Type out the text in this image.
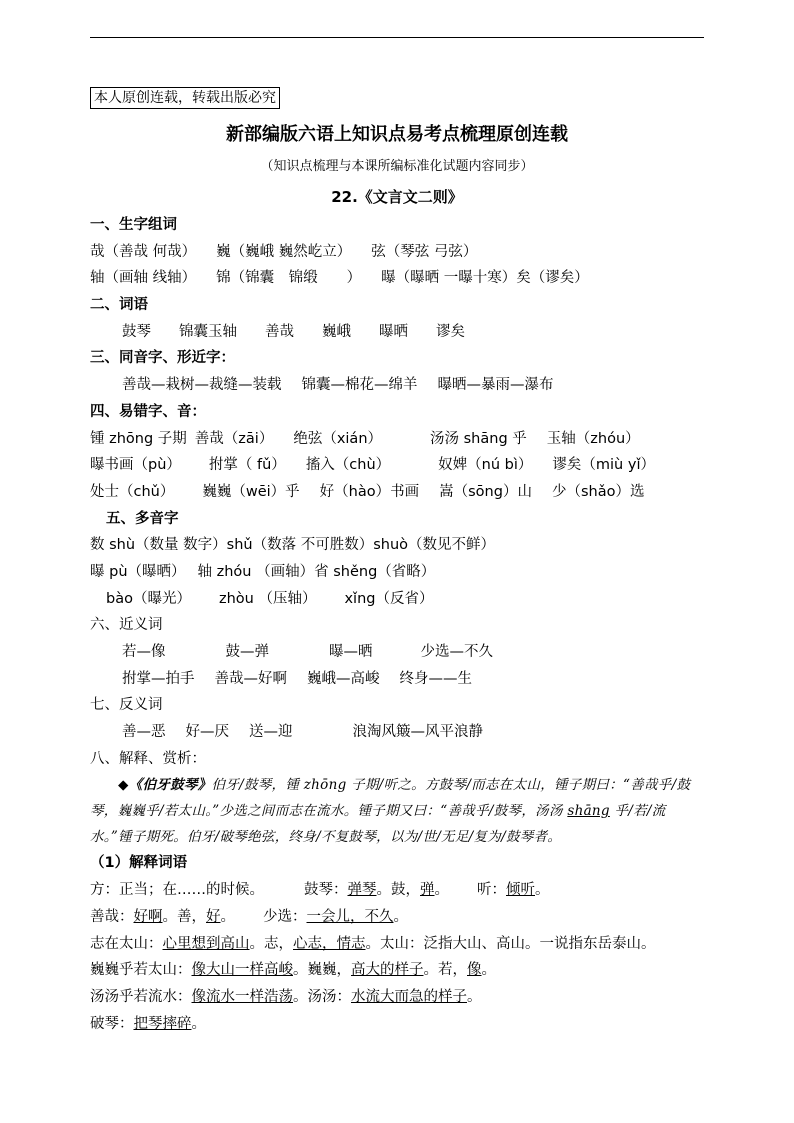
本人原创连载，转载出版必究
新部编版六语上知识点易考点梳理原创连载
（知识点梳理与本课所编标准化试题内容同步）
22.《文言文二则》
一、生字组词
哉（善哉 何哉） 巍（巍峨 巍然屹立） 弦（琴弦 弓弦）
轴（画轴 线轴） 锦（锦囊　锦缎　　） 曝（曝晒 一曝十寒）矣（谬矣）
二、词语
鼓琴 锦囊玉轴 善哉 巍峨 曝晒 谬矣
三、同音字、形近字：
善哉—栽树—裁缝—装载 锦囊—棉花—绵羊 曝晒—暴雨—瀑布
四、易错字、音：
锺 zhōng 子期 善哉（zāi） 绝弦（xián）	汤汤 shāng 乎 玉轴（zhóu）
曝书画（pù） 拊掌（ fǔ） 搐入（chù）	奴婢（nú bì） 谬矣（miù yǐ）
处士（chǔ） 巍巍（wēi）乎 好（hào）书画 嵩（sōng）山 少（shǎo）选
五、多音字
数 shù（数量 数字）shǔ（数落 不可胜数）shuò（数见不鲜）
曝 pù（曝晒） 轴 zhóu （画轴）省 shěng（省略）
bào（曝光） zhòu （压轴） xǐng（反省）
六、近义词
若—像	鼓—弹	曝—晒	少选—不久
拊掌—拍手 善哉—好啊 巍峨—高峻 终身——生
七、反义词
善—恶 好—厌 送—迎	浪淘风簸—风平浪静
八、解释、赏析：

◆《伯牙鼓琴》伯牙/鼓琴，锺 zhōng 子期/听之。方鼓琴/而志在太山，锺子期曰：“善哉乎/鼓琴，巍巍乎/若太山。”少选之间而志在流水。锺子期又曰：“善哉乎/鼓琴，汤汤 shāng 乎/若/流水。”锺子期死。伯牙/破琴绝弦，终身/不复鼓琴，以为/世/无足/复为/鼓琴者。

（1）解释词语
方：正当；在……的时候。	鼓琴：弹琴。鼓，弹。 听：倾听。
善哉：好啊。善，好。 少选：一会儿，不久。
志在太山：心里想到高山。志，心志，情志。太山：泛指大山、高山。一说指东岳泰山。
巍巍乎若太山：像大山一样高峻。巍巍，高大的样子。若，像。
汤汤乎若流水：像流水一样浩荡。汤汤：水流大而急的样子。
破琴：把琴摔碎。
